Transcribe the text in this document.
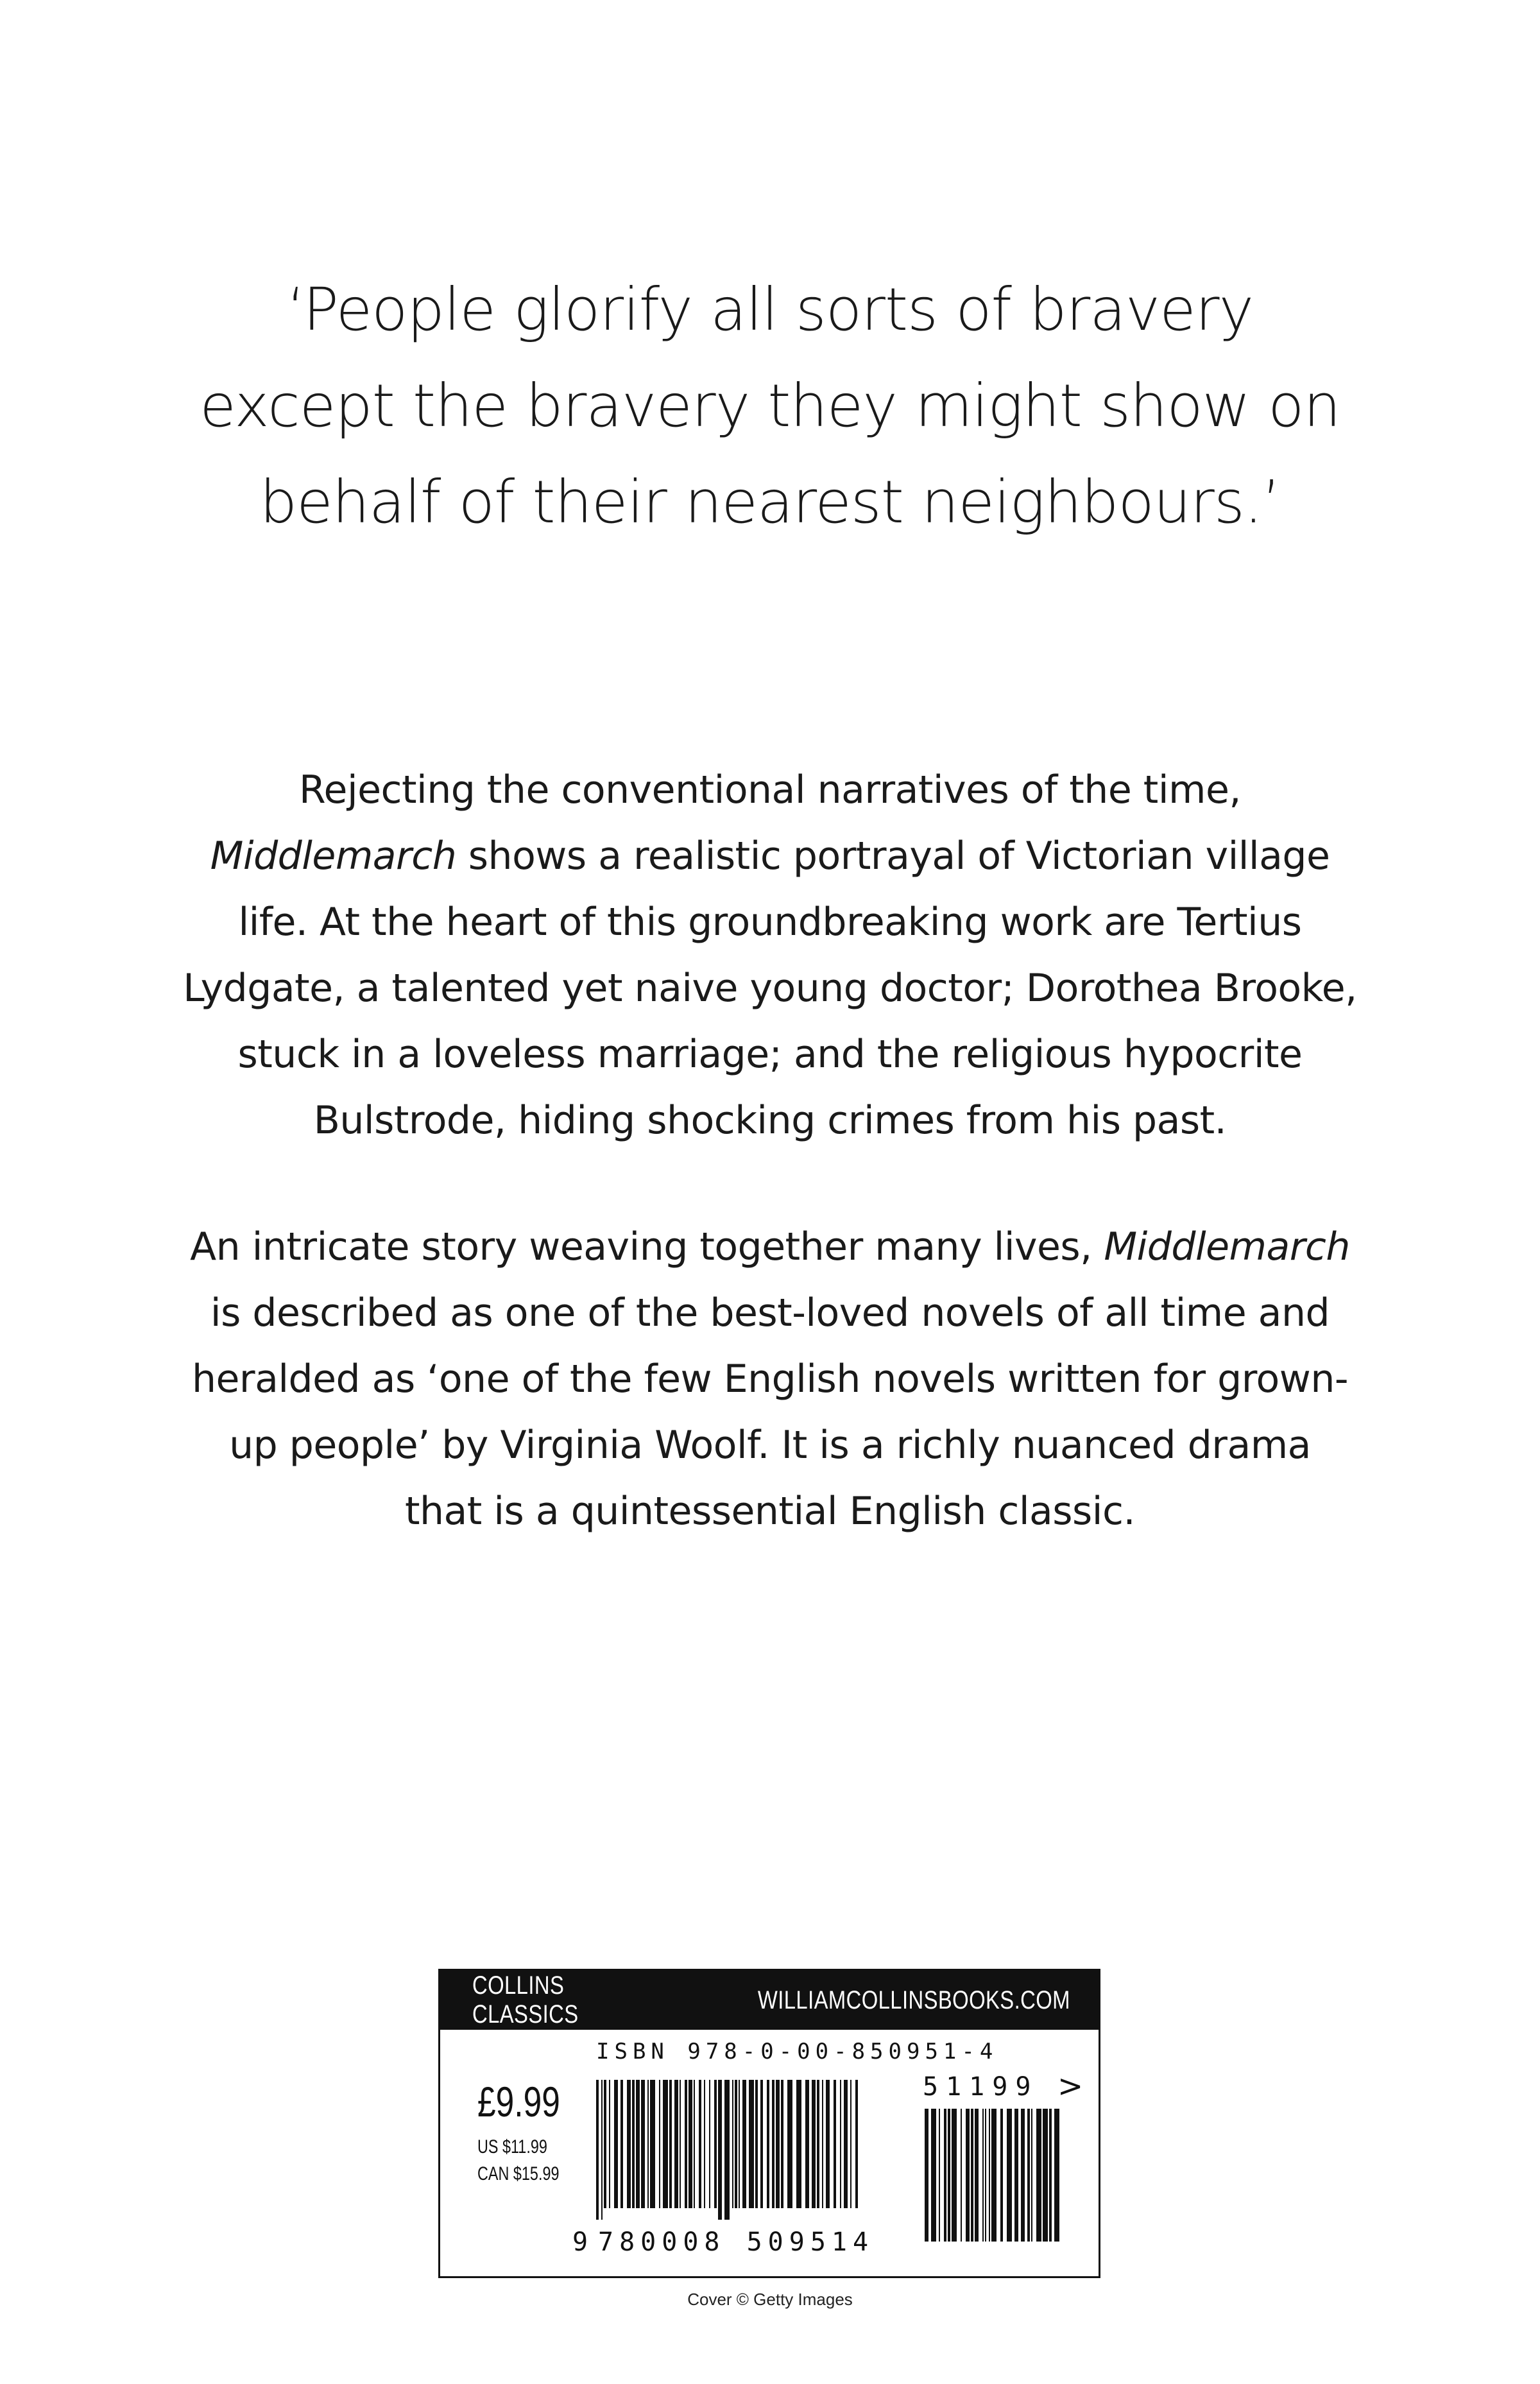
‘People glorify all sorts of bravery
except the bravery they might show on
behalf of their nearest neighbours.’
Rejecting the conventional narratives of the time,
Middlemarch shows a realistic portrayal of Victorian village
life. At the heart of this groundbreaking work are Tertius
Lydgate, a talented yet naive young doctor; Dorothea Brooke,
stuck in a loveless marriage; and the religious hypocrite
Bulstrode, hiding shocking crimes from his past.
An intricate story weaving together many lives, Middlemarch
is described as one of the best-loved novels of all time and
heralded as ‘one of the few English novels written for grown-
up people’ by Virginia Woolf. It is a richly nuanced drama
that is a quintessential English classic.
COLLINS CLASSICS
WILLIAMCOLLINSBOOKS.COM
ISBN 978-0-00-850951-4
£9.99
US $11.99
CAN $15.99
51199 >
9 780008 509514
Cover © Getty Images
